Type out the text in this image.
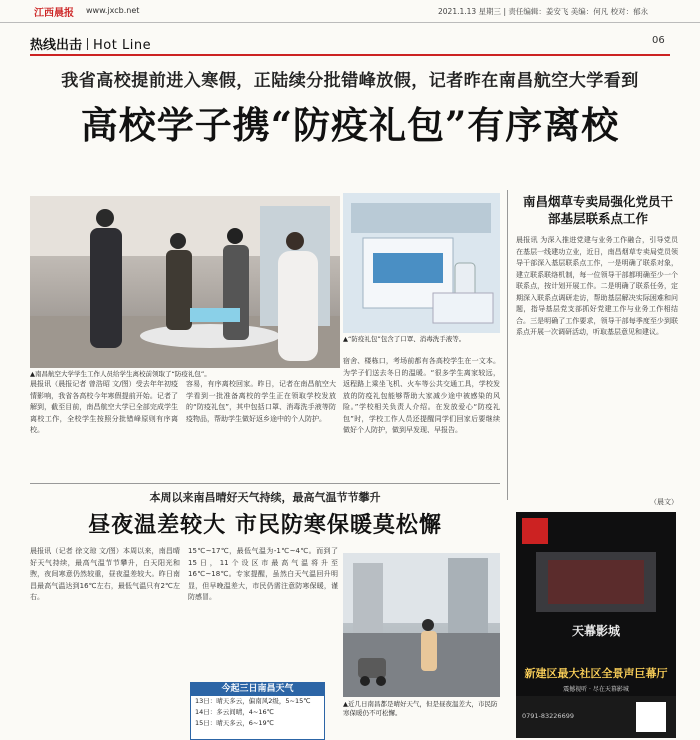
江西晨报 www.jxcb.net	2021.1.13 星期三 | 责任编辑：姜安飞 美编：何凡 校对：郁永
热线出击 Hot Line	06
我省高校提前进入寒假，正陆续分批错峰放假，记者昨在南昌航空大学看到
高校学子携“防疫礼包”有序离校
▲南昌航空大学学生工作人员给学生离校前领取了“防疫礼包”。
▲“防疫礼包”包含了口罩、消毒洗手液等。
晨报讯（晨报记者 曾浩昭 文/图）受去年年初疫情影响，我省各高校今年寒假提前开始。记者了解到，截至目前，南昌航空大学已全部完成学生离校工作，全校学生按照分批错峰原则有序离校。
容易，有序离校回家。昨日，记者在南昌航空大学看到一批准备离校的学生正在领取学校发放的“防疫礼包”，其中包括口罩、消毒洗手液等防疫物品，帮助学生做好返乡途中的个人防护。
宿舍、楼栋口，考场前都有各高校学生在一文本。为学子们送去冬日的温暖。“很多学生离家较远，返程路上乘坐飞机、火车等公共交通工具，学校发放的防疫礼包能够帮助大家减少途中被感染的风险。”学校相关负责人介绍。在发放爱心“防疫礼包”时，学校工作人员还提醒同学们回家后要继续做好个人防护，做到早发现、早报告。
南昌烟草专卖局强化党员干部基层联系点工作
晨报讯 为深入推进党建与业务工作融合，引导党员在基层一线建功立业，近日，南昌烟草专卖局党员领导干部深入基层联系点工作，一是明确了联系对象，建立联系联络机制，每一位领导干部都明确至少一个联系点，按计划开展工作。二是明确了联系任务，定期深入联系点调研走访，帮助基层解决实际困难和问题，指导基层党支部抓好党建工作与业务工作相结合。三是明确了工作要求，领导干部每季度至少到联系点开展一次调研活动，听取基层意见和建议。
（晨文）
本周以来南昌晴好天气持续，最高气温节节攀升
昼夜温差较大 市民防寒保暖莫松懈
晨报讯（记者 徐文琼 文/图）本周以来，南昌晴好天气持续，最高气温节节攀升，白天阳光和煦，夜间寒意仍然较重，昼夜温差较大。昨日南昌最高气温达到16℃左右，最低气温只有2℃左右。
15℃~17℃，最低气温为-1℃~4℃。而到了15日，11个设区市最高气温将升至16℃~18℃。专家提醒，虽然白天气温回升明显，但早晚温差大，市民仍需注意防寒保暖，谨防感冒。
▲近几日南昌都是晴好天气，但是昼夜温差大，市民防寒保暖仍不可松懈。
今起三日南昌天气
13日：晴天多云，偏南风2级，5~15℃
14日：多云间晴，4~16℃
15日：晴天多云，6~19℃
天幕影城
新建区最大社区全景声巨幕厅
震撼视听 · 尽在天幕影城
0791-83226699
